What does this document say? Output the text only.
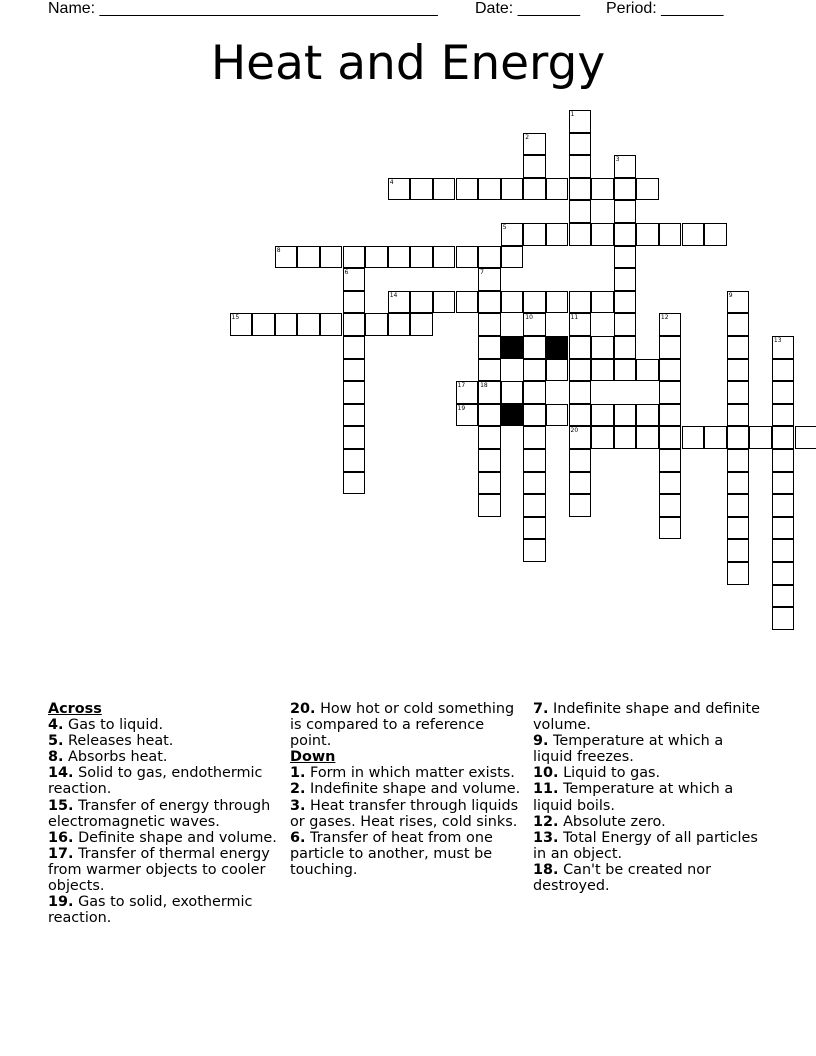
Name: ______________________________________ Date: _______ Period: _______
Heat and Energy
4
5
8
14
15
16
17 18
19
20
1
2
3
6	7
9
10	11	12
13
Across
4. Gas to liquid.
5. Releases heat.
8. Absorbs heat.
14. Solid to gas, endothermic reaction.
15. Transfer of energy through electromagnetic waves.
16. Definite shape and volume.
17. Transfer of thermal energy from warmer objects to cooler objects.
19. Gas to solid, exothermic reaction.
20. How hot or cold something is compared to a reference point.
Down
1. Form in which matter exists.
2. Indefinite shape and volume.
3. Heat transfer through liquids or gases. Heat rises, cold sinks.
6. Transfer of heat from one particle to another, must be touching.
7. Indefinite shape and definite volume.
9. Temperature at which a liquid freezes.
10. Liquid to gas.
11. Temperature at which a liquid boils.
12. Absolute zero.
13. Total Energy of all particles in an object.
18. Can't be created nor destroyed.
